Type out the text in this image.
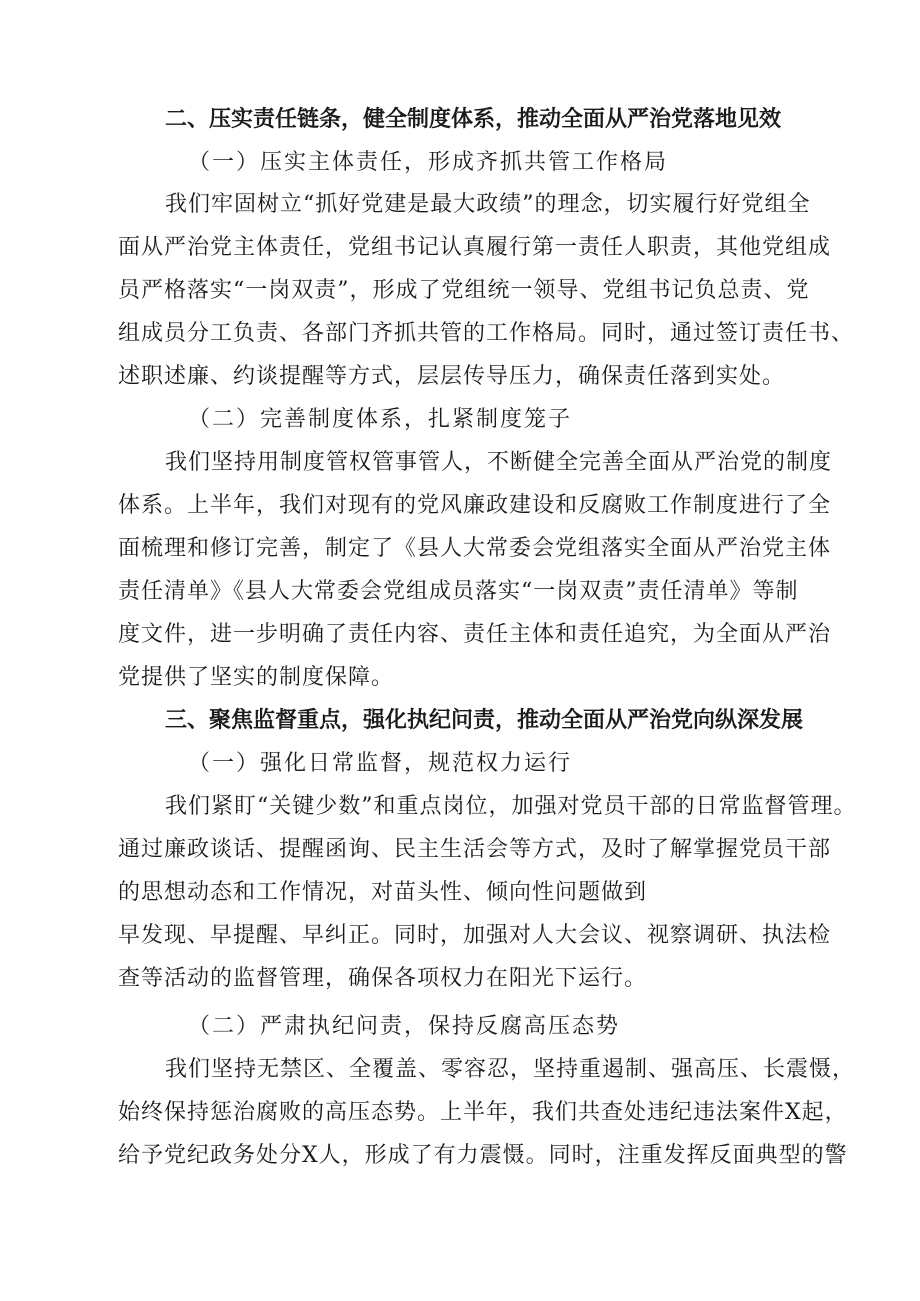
二、压实责任链条，健全制度体系，推动全面从严治党落地见效

（一）压实主体责任，形成齐抓共管工作格局

我们牢固树立“抓好党建是最大政绩”的理念，切实履行好党组全

面从严治党主体责任，党组书记认真履行第一责任人职责，其他党组成

员严格落实“一岗双责”，形成了党组统一领导、党组书记负总责、党

组成员分工负责、各部门齐抓共管的工作格局。同时，通过签订责任书、

述职述廉、约谈提醒等方式，层层传导压力，确保责任落到实处。

（二）完善制度体系，扎紧制度笼子

我们坚持用制度管权管事管人，不断健全完善全面从严治党的制度

体系。上半年，我们对现有的党风廉政建设和反腐败工作制度进行了全

面梳理和修订完善，制定了《县人大常委会党组落实全面从严治党主体

责任清单》《县人大常委会党组成员落实“一岗双责”责任清单》等制

度文件，进一步明确了责任内容、责任主体和责任追究，为全面从严治

党提供了坚实的制度保障。

三、聚焦监督重点，强化执纪问责，推动全面从严治党向纵深发展

（一）强化日常监督，规范权力运行

我们紧盯“关键少数”和重点岗位，加强对党员干部的日常监督管理。

通过廉政谈话、提醒函询、民主生活会等方式，及时了解掌握党员干部

的思想动态和工作情况，对苗头性、倾向性问题做到

早发现、早提醒、早纠正。同时，加强对人大会议、视察调研、执法检

查等活动的监督管理，确保各项权力在阳光下运行。

（二）严肃执纪问责，保持反腐高压态势

我们坚持无禁区、全覆盖、零容忍，坚持重遏制、强高压、长震慑，

始终保持惩治腐败的高压态势。上半年，我们共查处违纪违法案件X起，

给予党纪政务处分X人，形成了有力震慑。同时，注重发挥反面典型的警
